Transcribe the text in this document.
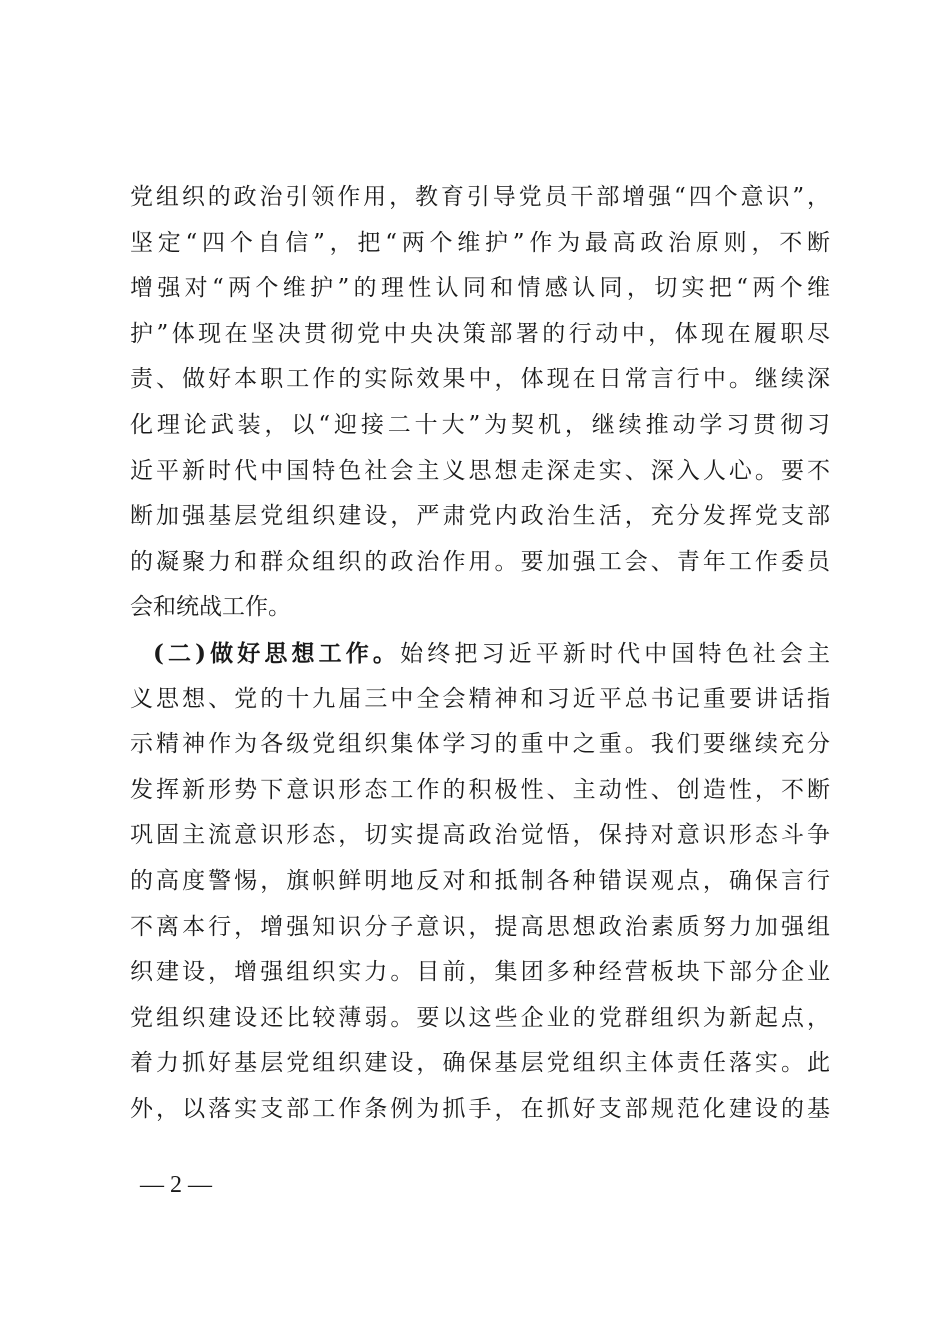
党组织的政治引领作用，教育引导党员干部增强“四个意识”，
坚定“四个自信”，把“两个维护”作为最高政治原则，不断
增强对“两个维护”的理性认同和情感认同，切实把“两个维
护”体现在坚决贯彻党中央决策部署的行动中，体现在履职尽
责、做好本职工作的实际效果中，体现在日常言行中。继续深
化理论武装，以“迎接二十大”为契机，继续推动学习贯彻习
近平新时代中国特色社会主义思想走深走实、深入人心。要不
断加强基层党组织建设，严肃党内政治生活，充分发挥党支部
的凝聚力和群众组织的政治作用。要加强工会、青年工作委员
会和统战工作。
(二)做好思想工作。始终把习近平新时代中国特色社会主
义思想、党的十九届三中全会精神和习近平总书记重要讲话指
示精神作为各级党组织集体学习的重中之重。我们要继续充分
发挥新形势下意识形态工作的积极性、主动性、创造性，不断
巩固主流意识形态，切实提高政治觉悟，保持对意识形态斗争
的高度警惕，旗帜鲜明地反对和抵制各种错误观点，确保言行
不离本行，增强知识分子意识，提高思想政治素质努力加强组
织建设，增强组织实力。目前，集团多种经营板块下部分企业
党组织建设还比较薄弱。要以这些企业的党群组织为新起点，
着力抓好基层党组织建设，确保基层党组织主体责任落实。此
外，以落实支部工作条例为抓手，在抓好支部规范化建设的基
— 2 —
